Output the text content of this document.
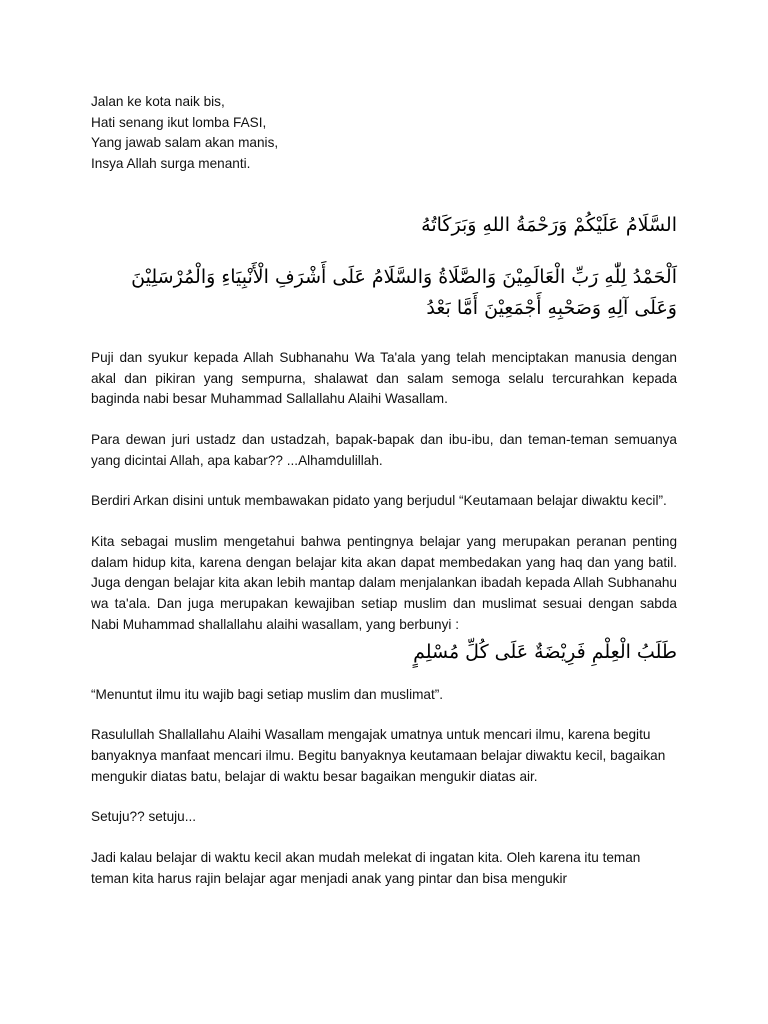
Jalan ke kota naik bis,
Hati senang ikut lomba FASI,
Yang jawab salam akan manis,
Insya Allah surga menanti.

السَّلَامُ عَلَيْكُمْ وَرَحْمَةُ اللهِ وَبَرَكَاتُهُ

اَلْحَمْدُ لِلّٰهِ رَبِّ الْعَالَمِيْنَ وَالصَّلَاةُ وَالسَّلَامُ عَلَى أَشْرَفِ الْأَنْبِيَاءِ وَالْمُرْسَلِيْنَ وَعَلَى آلِهِ وَصَحْبِهِ أَجْمَعِيْنَ أَمَّا بَعْدُ

Puji dan syukur kepada Allah Subhanahu Wa Ta'ala yang telah menciptakan manusia dengan akal dan pikiran yang sempurna, shalawat dan salam semoga selalu tercurahkan kepada baginda nabi besar Muhammad Sallallahu Alaihi Wasallam.

Para dewan juri ustadz dan ustadzah, bapak-bapak dan ibu-ibu, dan teman-teman semuanya yang dicintai Allah, apa kabar?? ...Alhamdulillah.

Berdiri Arkan disini untuk membawakan pidato yang berjudul “Keutamaan belajar diwaktu kecil”.

Kita sebagai muslim mengetahui bahwa pentingnya belajar yang merupakan peranan penting dalam hidup kita, karena dengan belajar kita akan dapat membedakan yang haq dan yang batil. Juga dengan belajar kita akan lebih mantap dalam menjalankan ibadah kepada Allah Subhanahu wa ta'ala. Dan juga merupakan kewajiban setiap muslim dan muslimat sesuai dengan sabda Nabi Muhammad shallallahu alaihi wasallam, yang berbunyi :

طَلَبُ الْعِلْمِ فَرِيْضَةٌ عَلَى كُلِّ مُسْلِمٍ

“Menuntut ilmu itu wajib bagi setiap muslim dan muslimat”.

Rasulullah Shallallahu Alaihi Wasallam mengajak umatnya untuk mencari ilmu, karena begitu banyaknya manfaat mencari ilmu. Begitu banyaknya keutamaan belajar diwaktu kecil, bagaikan mengukir diatas batu, belajar di waktu besar bagaikan mengukir diatas air.

Setuju?? setuju...

Jadi kalau belajar di waktu kecil akan mudah melekat di ingatan kita. Oleh karena itu teman teman kita harus rajin belajar agar menjadi anak yang pintar dan bisa mengukir
